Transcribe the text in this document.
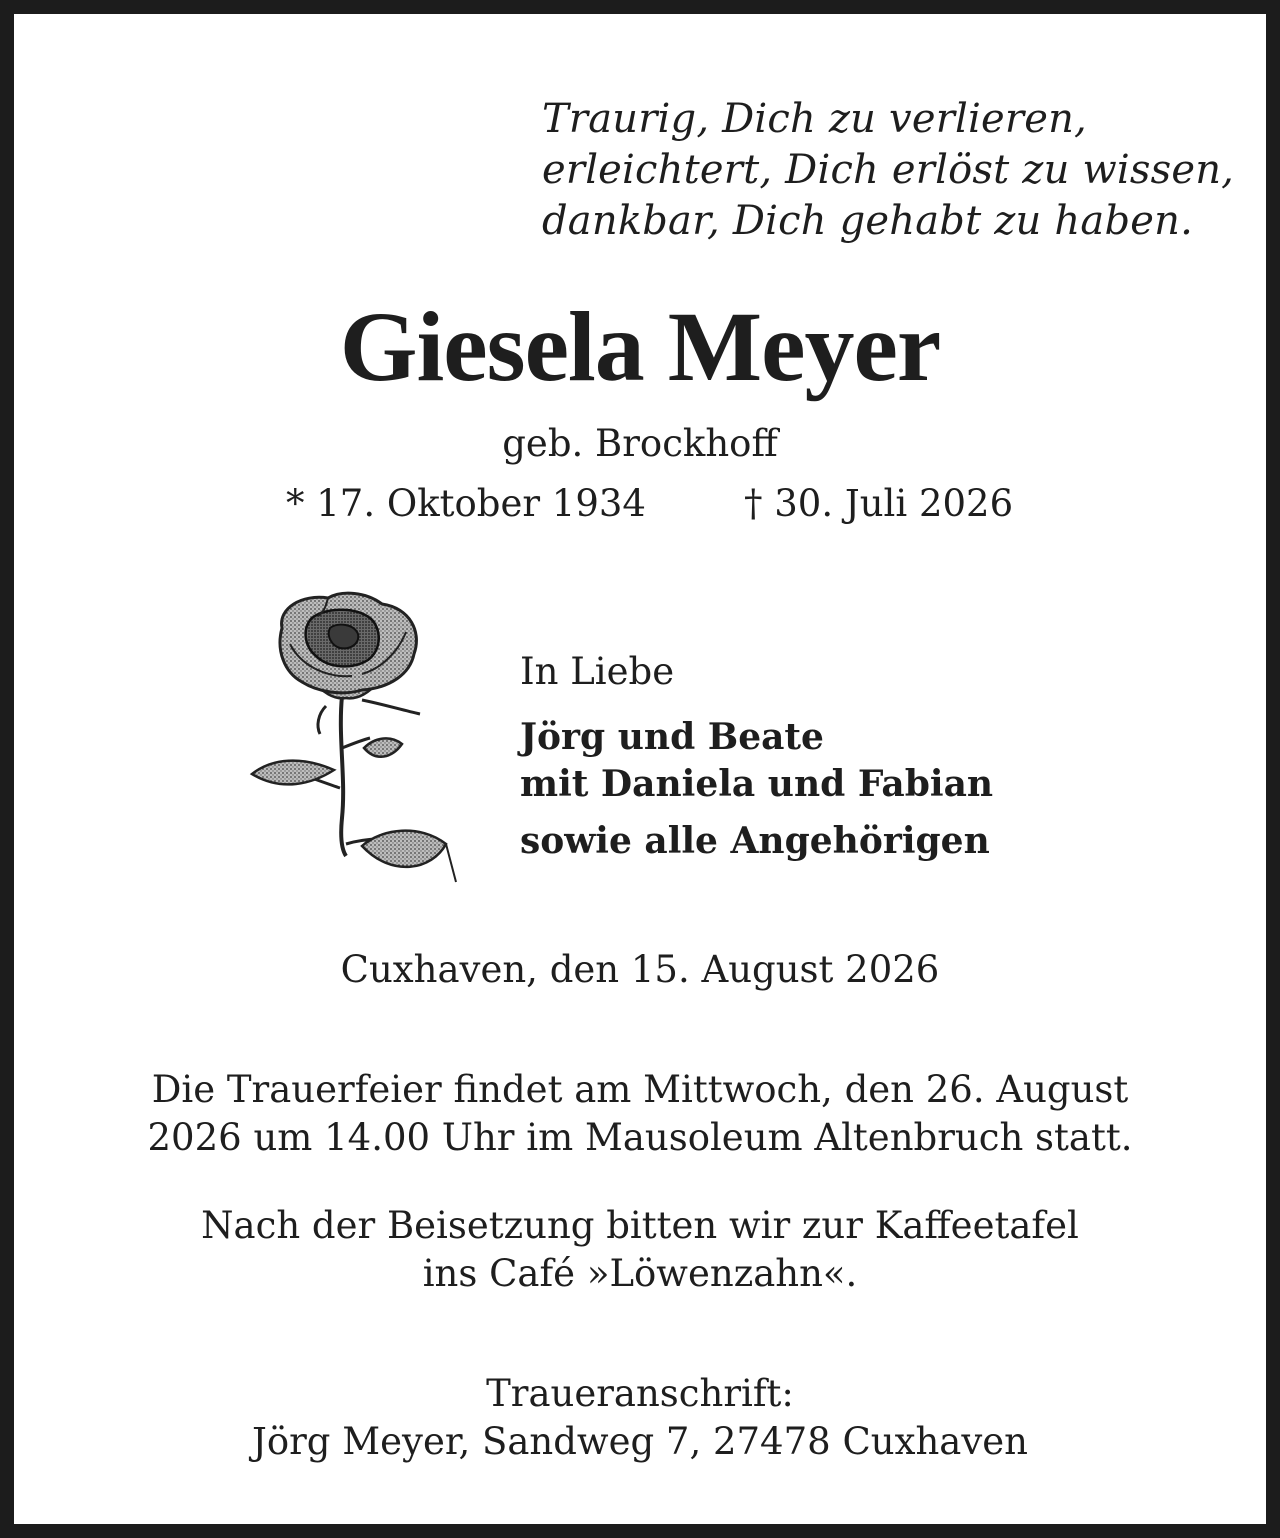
Traurig, Dich zu verlieren,
erleichtert, Dich erlöst zu wissen,
dankbar, Dich gehabt zu haben.
Giesela Meyer
geb. Brockhoff
* 17. Oktober 1934	† 30. Juli 2026
In Liebe
Jörg und Beate
mit Daniela und Fabian
sowie alle Angehörigen
Cuxhaven, den 15. August 2026
Die Trauerfeier findet am Mittwoch, den 26. August
2026 um 14.00 Uhr im Mausoleum Altenbruch statt.
Nach der Beisetzung bitten wir zur Kaffeetafel
ins Café »Löwenzahn«.
Traueranschrift:
Jörg Meyer, Sandweg 7, 27478 Cuxhaven
